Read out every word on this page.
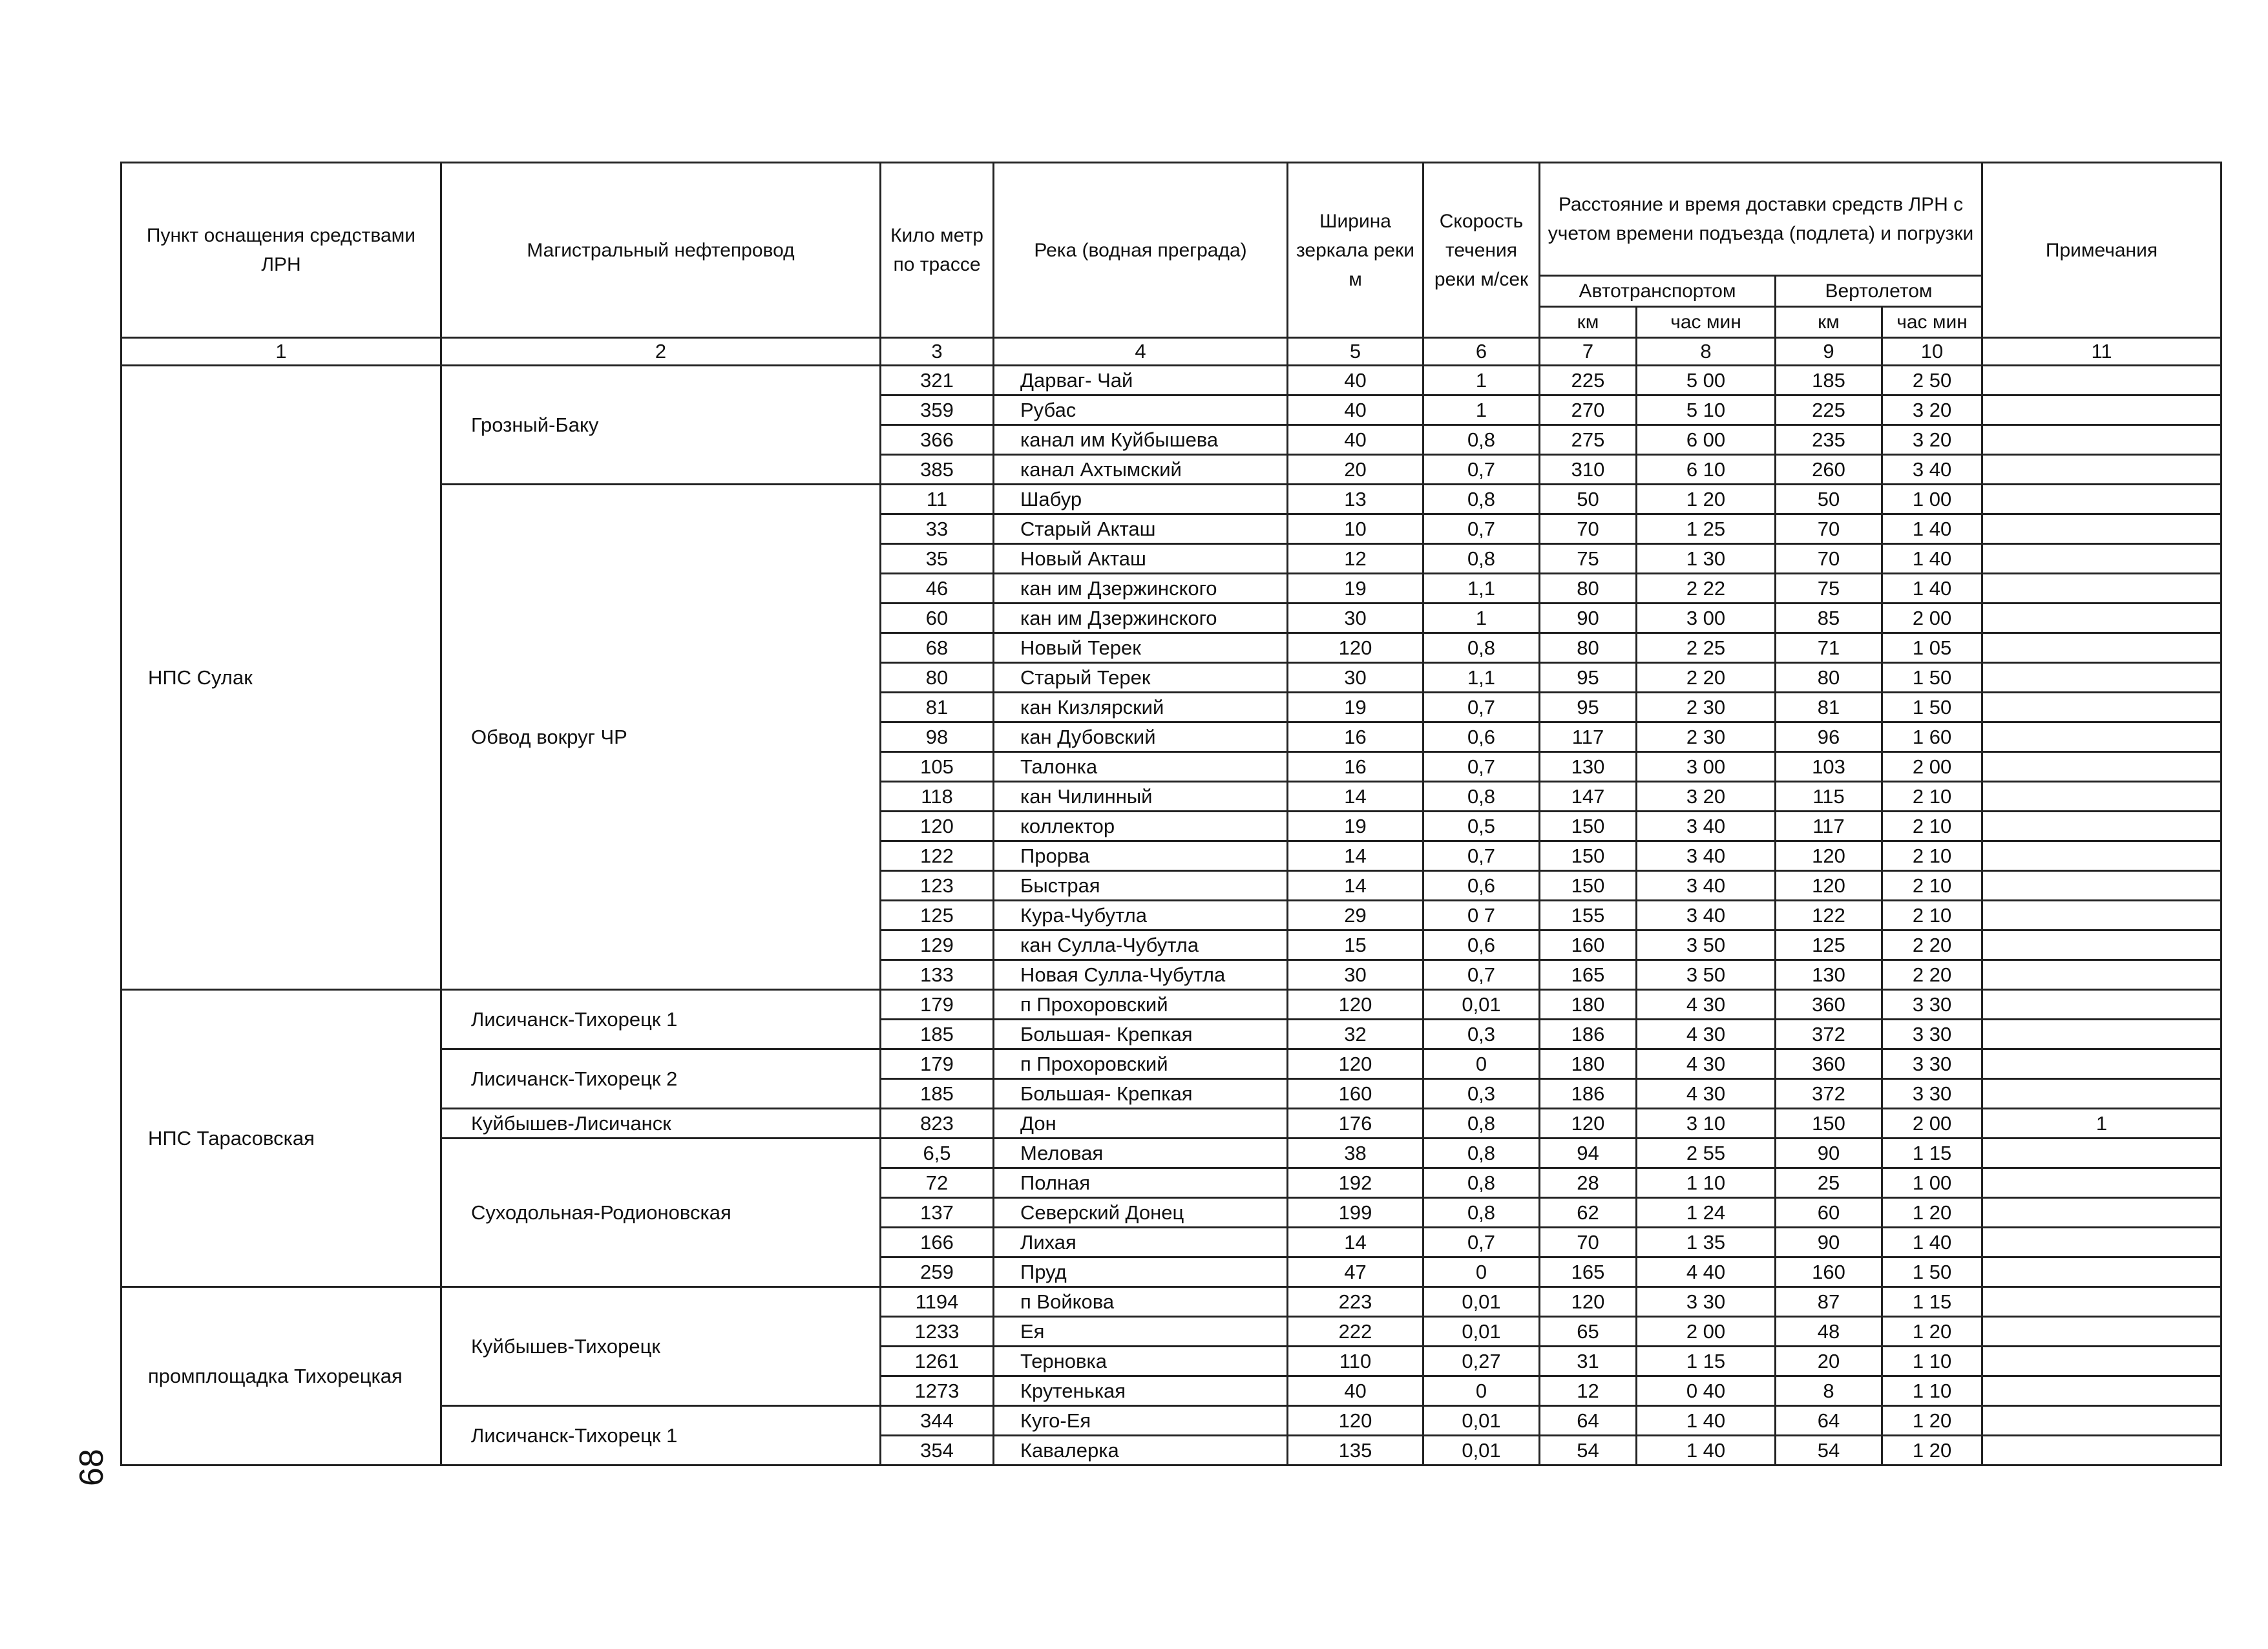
68
Пункт оснащения средствами ЛРН	Магистральный нефтепровод	Кило метр по трассе	Река (водная преграда)	Ширина зеркала реки м	Скорость течения реки м/сек	Расстояние и время доставки средств ЛРН с учетом времени подъезда (подлета) и погрузки				Примечания
						Автотранспортом		Вертолетом		
						км	час мин	км	час мин	
1	2	3	4	5	6	7	8	9	10	11
НПС Сулак	Грозный-Баку	321	Дарваг- Чай	40	1	225	5 00	185	2 50	
		359	Рубас	40	1	270	5 10	225	3 20	
		366	канал им Куйбышева	40	0,8	275	6 00	235	3 20	
		385	канал Ахтымский	20	0,7	310	6 10	260	3 40	
	Обвод вокруг ЧР	11	Шабур	13	0,8	50	1 20	50	1 00	
		33	Старый Акташ	10	0,7	70	1 25	70	1 40	
		35	Новый Акташ	12	0,8	75	1 30	70	1 40	
		46	кан им Дзержинского	19	1,1	80	2 22	75	1 40	
		60	кан им Дзержинского	30	1	90	3 00	85	2 00	
		68	Новый Терек	120	0,8	80	2 25	71	1 05	
		80	Старый Терек	30	1,1	95	2 20	80	1 50	
		81	кан Кизлярский	19	0,7	95	2 30	81	1 50	
		98	кан Дубовский	16	0,6	117	2 30	96	1 60	
		105	Талонка	16	0,7	130	3 00	103	2 00	
		118	кан Чилинный	14	0,8	147	3 20	115	2 10	
		120	коллектор	19	0,5	150	3 40	117	2 10	
		122	Прорва	14	0,7	150	3 40	120	2 10	
		123	Быстрая	14	0,6	150	3 40	120	2 10	
		125	Кура-Чубутла	29	0 7	155	3 40	122	2 10	
		129	кан Сулла-Чубутла	15	0,6	160	3 50	125	2 20	
		133	Новая Сулла-Чубутла	30	0,7	165	3 50	130	2 20	
НПС Тарасовская	Лисичанск-Тихорецк 1	179	п Прохоровский	120	0,01	180	4 30	360	3 30	
		185	Большая- Крепкая	32	0,3	186	4 30	372	3 30	
	Лисичанск-Тихорецк 2	179	п Прохоровский	120	0	180	4 30	360	3 30	
		185	Большая- Крепкая	160	0,3	186	4 30	372	3 30	
	Куйбышев-Лисичанск	823	Дон	176	0,8	120	3 10	150	2 00	1
	Суходольная-Родионовская	6,5	Меловая	38	0,8	94	2 55	90	1 15	
		72	Полная	192	0,8	28	1 10	25	1 00	
		137	Северский Донец	199	0,8	62	1 24	60	1 20	
		166	Лихая	14	0,7	70	1 35	90	1 40	
		259	Пруд	47	0	165	4 40	160	1 50	
промплощадка Тихорецкая	Куйбышев-Тихорецк	1194	п Войкова	223	0,01	120	3 30	87	1 15	
		1233	Ея	222	0,01	65	2 00	48	1 20	
		1261	Терновка	110	0,27	31	1 15	20	1 10	
		1273	Крутенькая	40	0	12	0 40	8	1 10	
	Лисичанск-Тихорецк 1	344	Куго-Ея	120	0,01	64	1 40	64	1 20	
		354	Кавалерка	135	0,01	54	1 40	54	1 20	
